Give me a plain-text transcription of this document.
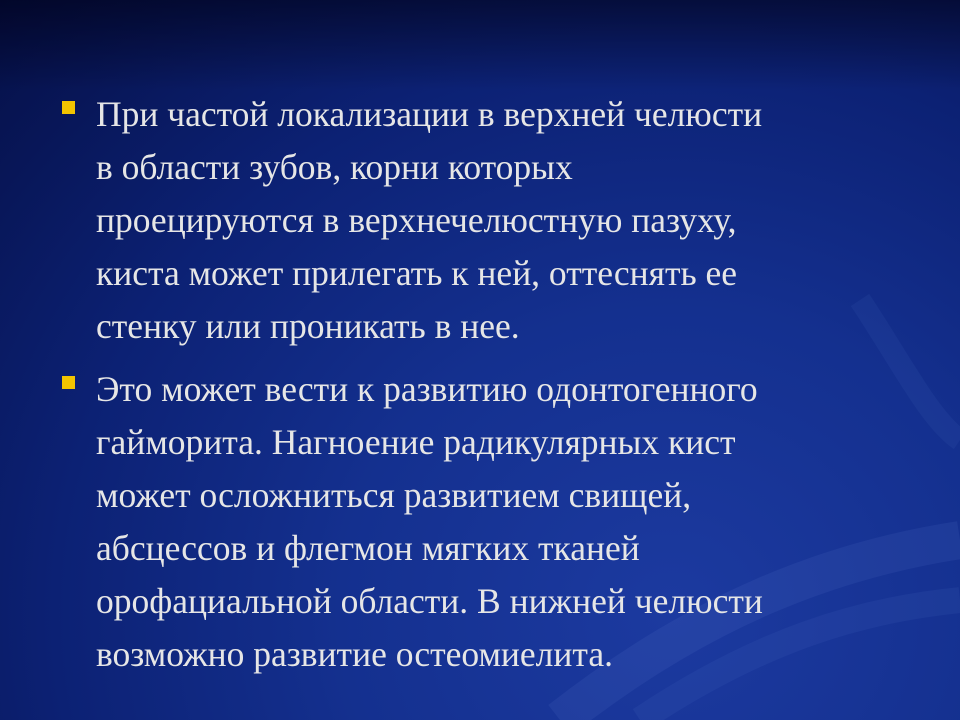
При частой локализации в верхней челюсти
в области зубов, корни которых
проецируются в верхнечелюстную пазуху,
киста может прилегать к ней, оттеснять ее
стенку или проникать в нее.
Это может вести к развитию одонтогенного
гайморита. Нагноение радикулярных кист
может осложниться развитием свищей,
абсцессов и флегмон мягких тканей
орофациальной области. В нижней челюсти
возможно развитие остеомиелита.
